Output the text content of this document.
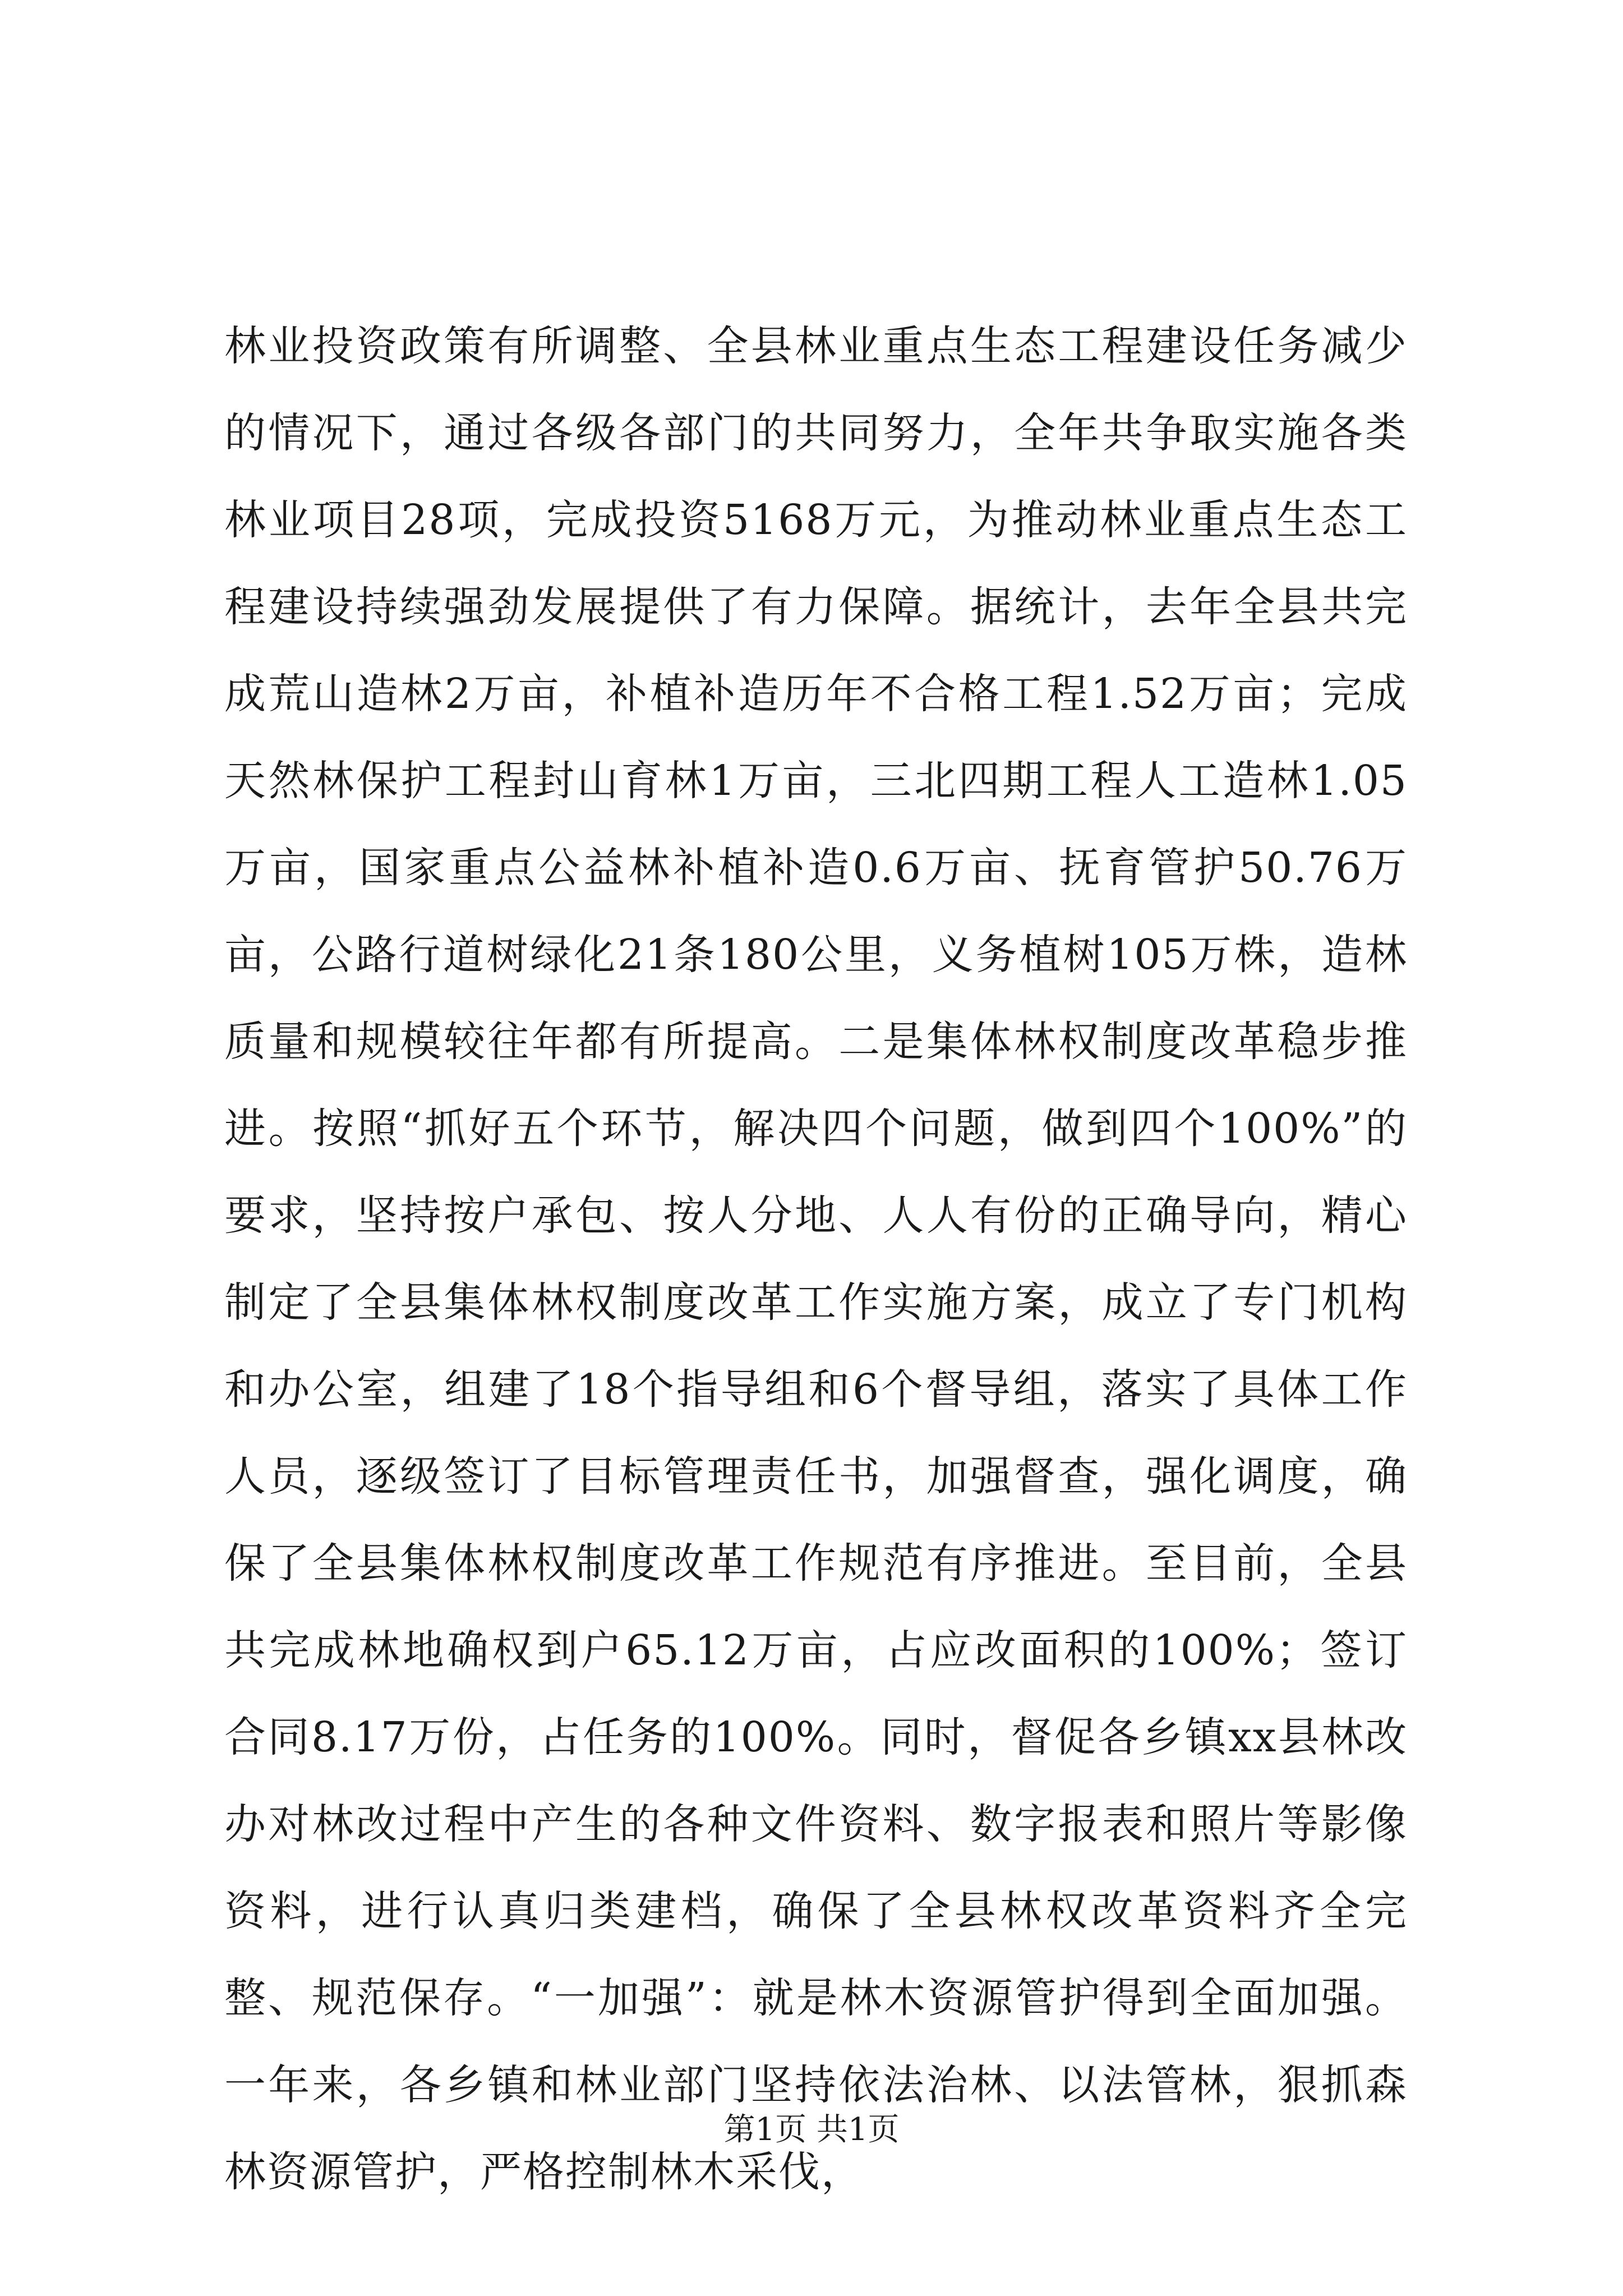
林业投资政策有所调整、全县林业重点生态工程建设任务减少的情况下，通过各级各部门的共同努力，全年共争取实施各类林业项目28项，完成投资5168万元，为推动林业重点生态工程建设持续强劲发展提供了有力保障。据统计，去年全县共完成荒山造林2万亩，补植补造历年不合格工程1.52万亩；完成天然林保护工程封山育林1万亩，三北四期工程人工造林1.05万亩，国家重点公益林补植补造0.6万亩、抚育管护50.76万亩，公路行道树绿化21条180公里，义务植树105万株，造林质量和规模较往年都有所提高。二是集体林权制度改革稳步推进。按照“抓好五个环节，解决四个问题，做到四个100%”的要求，坚持按户承包、按人分地、人人有份的正确导向，精心制定了全县集体林权制度改革工作实施方案，成立了专门机构和办公室，组建了18个指导组和6个督导组，落实了具体工作人员，逐级签订了目标管理责任书，加强督查，强化调度，确保了全县集体林权制度改革工作规范有序推进。至目前，全县共完成林地确权到户65.12万亩，占应改面积的100%；签订合同8.17万份，占任务的100%。同时，督促各乡镇xx县林改办对林改过程中产生的各种文件资料、数字报表和照片等影像资料，进行认真归类建档，确保了全县林权改革资料齐全完整、规范保存。“一加强”：就是林木资源管护得到全面加强。一年来，各乡镇和林业部门坚持依法治林、以法管林，狠抓森林资源管护，严格控制林木采伐，

第1页 共1页
